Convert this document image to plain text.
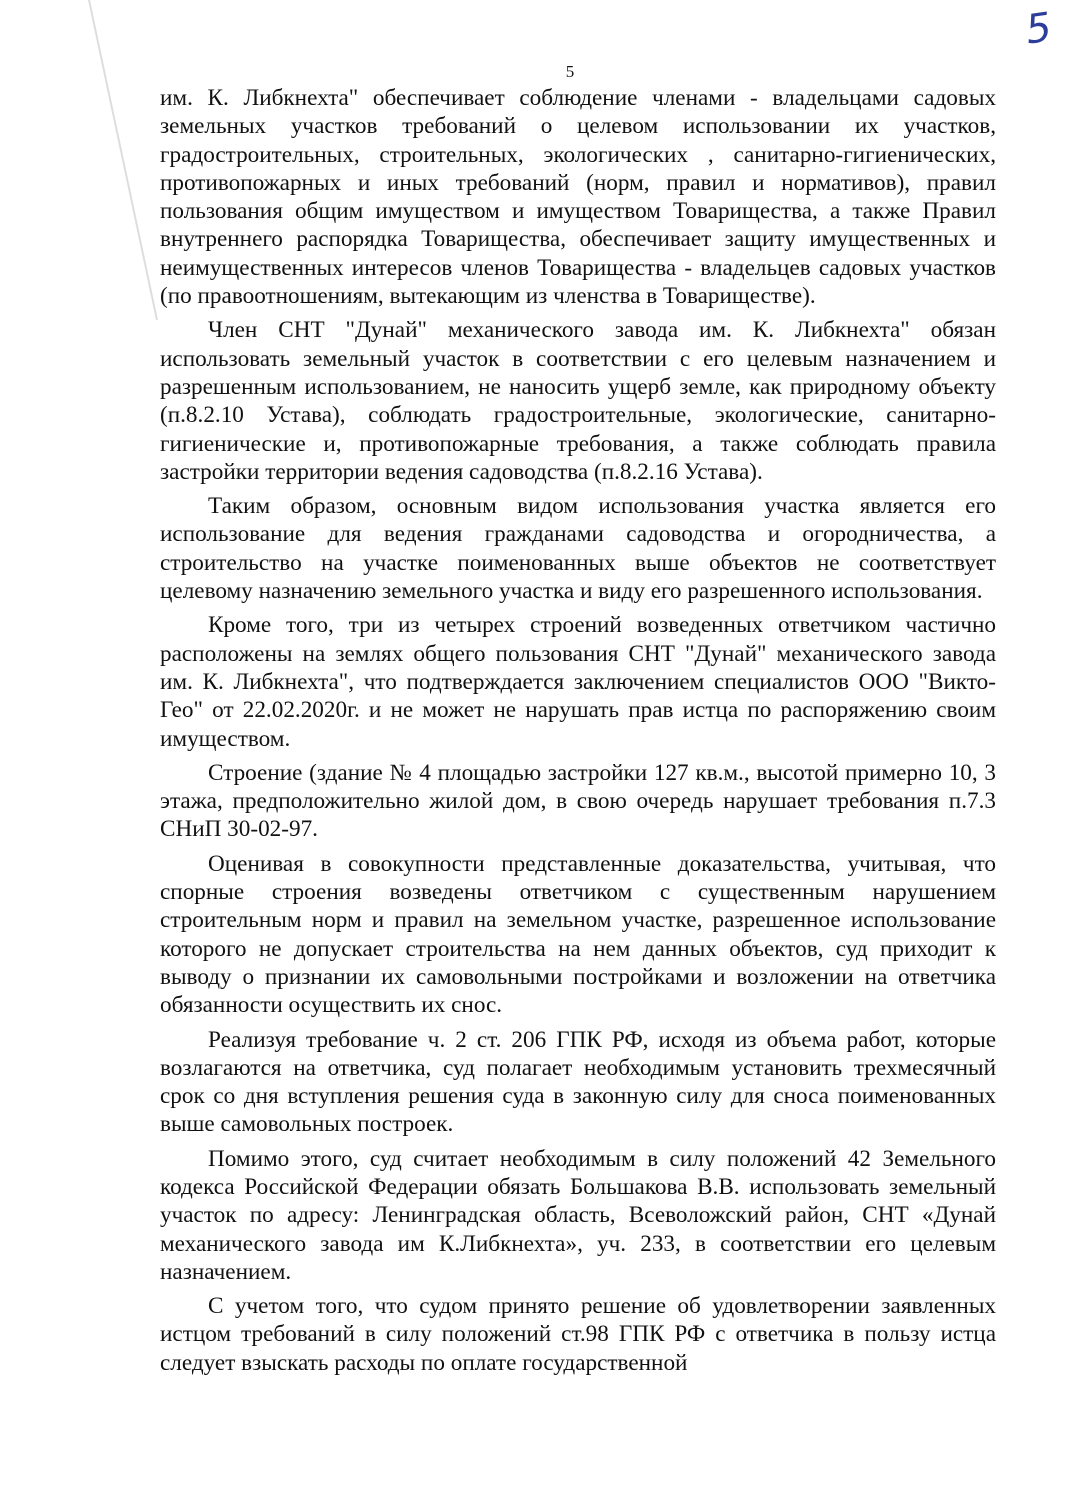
5
5

им. К. Либкнехта" обеспечивает соблюдение членами - владельцами садовых земельных участков требований о целевом использовании их участков, градостроительных, строительных, экологических , санитарно-гигиенических, противопожарных и иных требований (норм, правил и нормативов), правил пользования общим имуществом и имуществом Товарищества, а также Правил внутреннего распорядка Товарищества, обеспечивает защиту имущественных и неимущественных интересов членов Товарищества - владельцев садовых участков (по правоотношениям, вытекающим из членства в Товариществе).

Член СНТ "Дунай" механического завода им. К. Либкнехта" обязан использовать земельный участок в соответствии с его целевым назначением и разрешенным использованием, не наносить ущерб земле, как природному объекту (п.8.2.10 Устава), соблюдать градостроительные, экологические, санитарно-гигиенические и, противопожарные требования, а также соблюдать правила застройки территории ведения садоводства (п.8.2.16 Устава).

Таким образом, основным видом использования участка является его использование для ведения гражданами садоводства и огородничества, а строительство на участке поименованных выше объектов не соответствует целевому назначению земельного участка и виду его разрешенного использования.

Кроме того, три из четырех строений возведенных ответчиком частично расположены на землях общего пользования СНТ "Дунай" механического завода им. К. Либкнехта", что подтверждается заключением специалистов ООО "Викто-Гео" от 22.02.2020г. и не может не нарушать прав истца по распоряжению своим имуществом.

Строение (здание № 4 площадью застройки 127 кв.м., высотой примерно 10, 3 этажа, предположительно жилой дом, в свою очередь нарушает требования п.7.3 СНиП 30-02-97.

Оценивая в совокупности представленные доказательства, учитывая, что спорные строения возведены ответчиком с существенным нарушением строительным норм и правил на земельном участке, разрешенное использование которого не допускает строительства на нем данных объектов, суд приходит к выводу о признании их самовольными постройками и возложении на ответчика обязанности осуществить их снос.

Реализуя требование ч. 2 ст. 206 ГПК РФ, исходя из объема работ, которые возлагаются на ответчика, суд полагает необходимым установить трехмесячный срок со дня вступления решения суда в законную силу для сноса поименованных выше самовольных построек.

Помимо этого, суд считает необходимым в силу положений 42 Земельного кодекса Российской Федерации обязать Большакова В.В. использовать земельный участок по адресу: Ленинградская область, Всеволожский район, СНТ «Дунай механического завода им К.Либкнехта», уч. 233, в соответствии его целевым назначением.

С учетом того, что судом принято решение об удовлетворении заявленных истцом требований в силу положений ст.98 ГПК РФ с ответчика в пользу истца следует взыскать расходы по оплате государственной
